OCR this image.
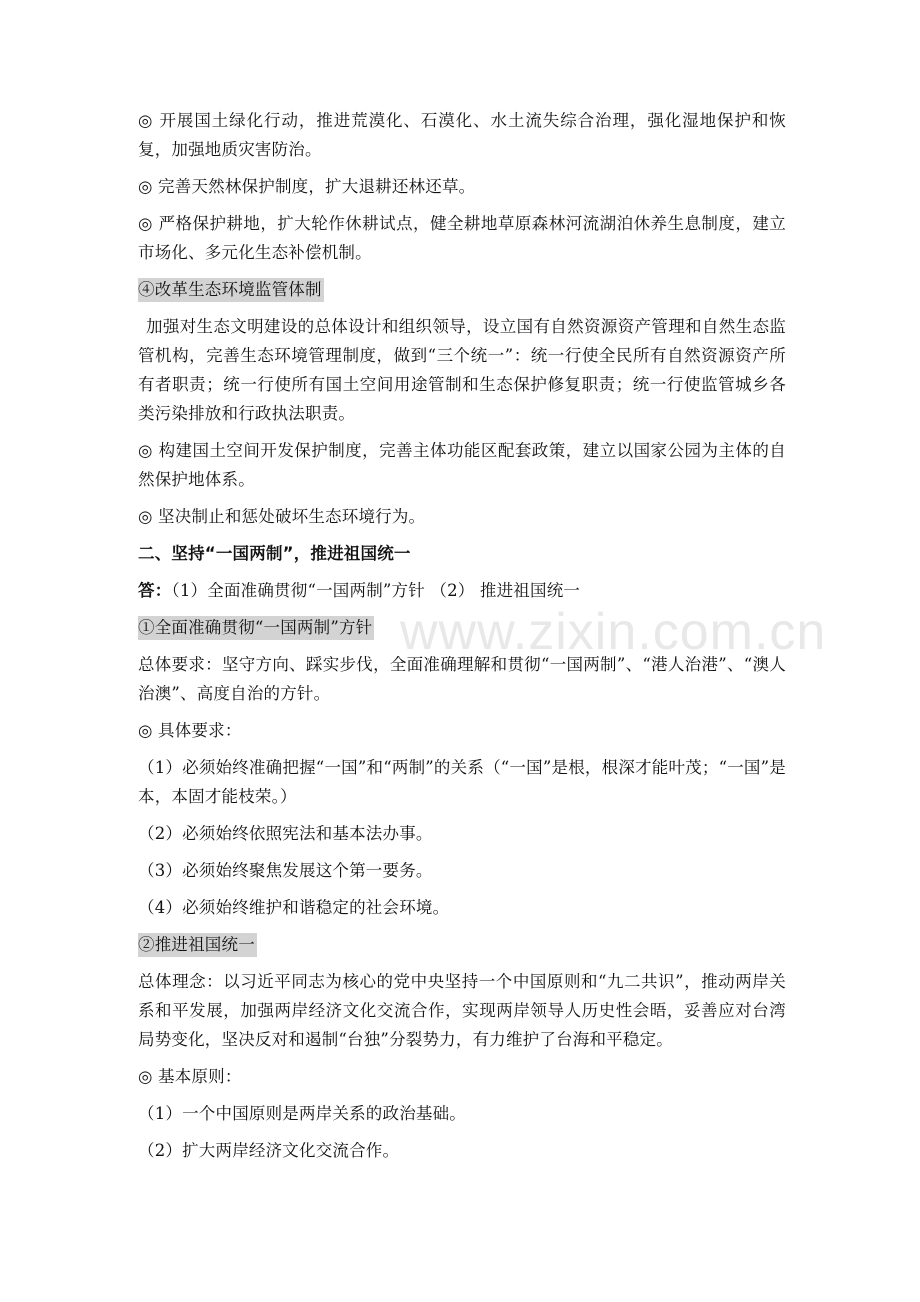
◎ 开展国土绿化行动，推进荒漠化、石漠化、水土流失综合治理，强化湿地保护和恢复，加强地质灾害防治。

◎ 完善天然林保护制度，扩大退耕还林还草。

◎ 严格保护耕地，扩大轮作休耕试点，健全耕地草原森林河流湖泊休养生息制度，建立市场化、多元化生态补偿机制。

④改革生态环境监管体制

加强对生态文明建设的总体设计和组织领导，设立国有自然资源资产管理和自然生态监管机构，完善生态环境管理制度，做到“三个统一”：统一行使全民所有自然资源资产所有者职责；统一行使所有国土空间用途管制和生态保护修复职责；统一行使监管城乡各类污染排放和行政执法职责。

◎ 构建国土空间开发保护制度，完善主体功能区配套政策，建立以国家公园为主体的自然保护地体系。

◎ 坚决制止和惩处破坏生态环境行为。

二、坚持“一国两制”，推进祖国统一

答：（1）全面准确贯彻“一国两制”方针 （2） 推进祖国统一

①全面准确贯彻“一国两制”方针

总体要求：坚守方向、踩实步伐，全面准确理解和贯彻“一国两制”、“港人治港”、“澳人治澳”、高度自治的方针。

◎ 具体要求：

（1）必须始终准确把握“一国”和“两制”的关系（“一国”是根，根深才能叶茂；“一国”是本，本固才能枝荣。）

（2）必须始终依照宪法和基本法办事。

（3）必须始终聚焦发展这个第一要务。

（4）必须始终维护和谐稳定的社会环境。

②推进祖国统一

总体理念：以习近平同志为核心的党中央坚持一个中国原则和“九二共识”，推动两岸关系和平发展，加强两岸经济文化交流合作，实现两岸领导人历史性会晤，妥善应对台湾局势变化，坚决反对和遏制“台独”分裂势力，有力维护了台海和平稳定。

◎ 基本原则：

（1）一个中国原则是两岸关系的政治基础。

（2）扩大两岸经济文化交流合作。

www.zixin.com.cn
